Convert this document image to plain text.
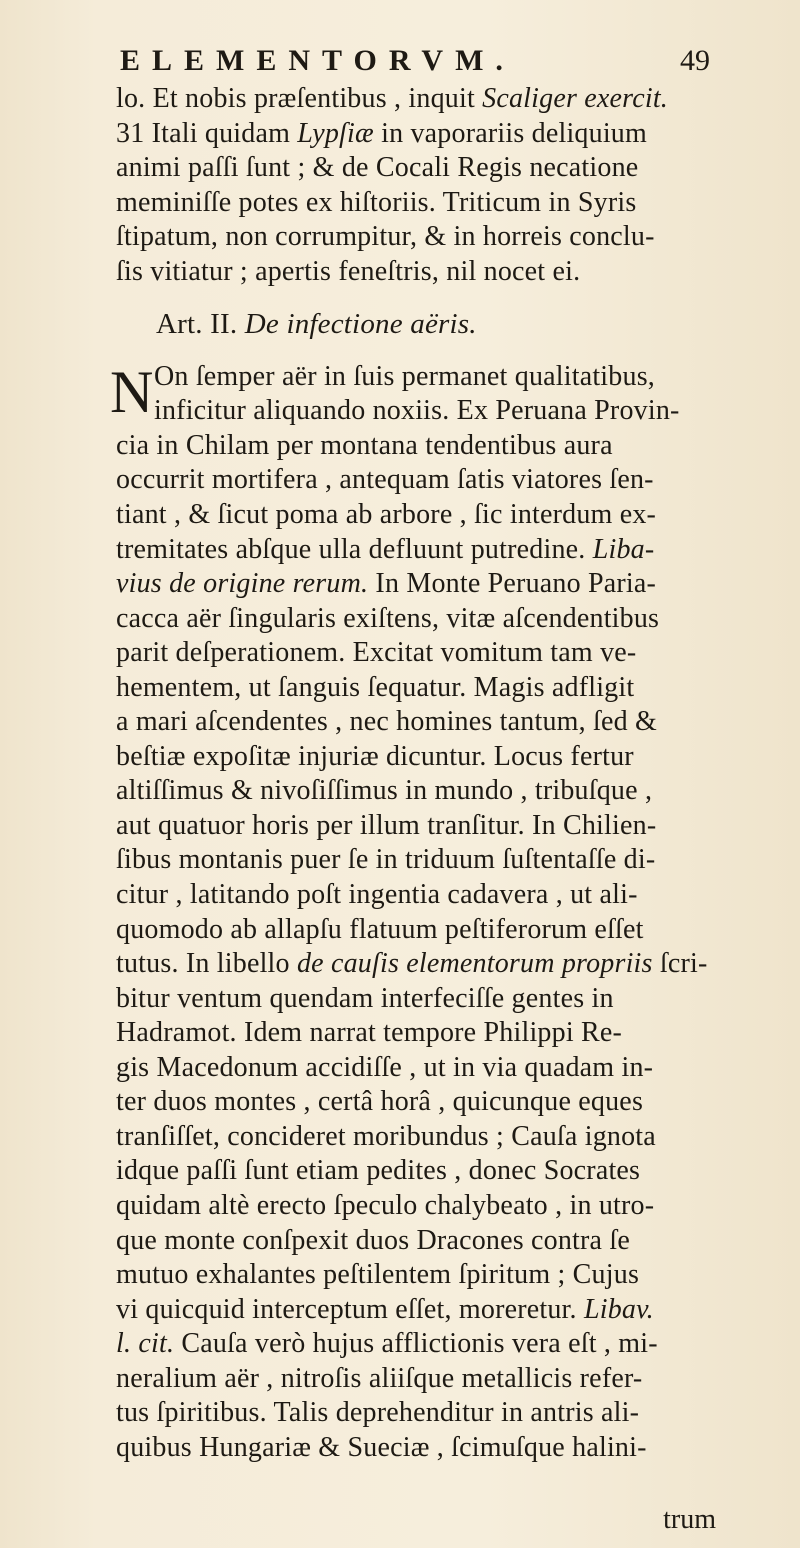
ELEMENTORVM.	49
lo. Et nobis præſentibus , inquit Scaliger exercit.
31 Itali quidam Lypſiæ in vaporariis deliquium
animi paſſi ſunt ; & de Cocali Regis necatione
meminiſſe potes ex hiſtoriis. Triticum in Syris
ſtipatum, non corrumpitur, & in horreis conclu-
ſis vitiatur ; apertis feneſtris, nil nocet ei.
Art. II. De infectione aëris.
N On ſemper aër in ſuis permanet qualitatibus,
inficitur aliquando noxiis. Ex Peruana Provin-
cia in Chilam per montana tendentibus aura
occurrit mortifera , antequam ſatis viatores ſen-
tiant , & ſicut poma ab arbore , ſic interdum ex-
tremitates abſque ulla defluunt putredine. Liba-
vius de origine rerum. In Monte Peruano Paria-
cacca aër ſingularis exiſtens, vitæ aſcendentibus
parit deſperationem. Excitat vomitum tam ve-
hementem, ut ſanguis ſequatur. Magis adfligit
a mari aſcendentes , nec homines tantum, ſed &
beſtiæ expoſitæ injuriæ dicuntur. Locus fertur
altiſſimus & nivoſiſſimus in mundo , tribuſque ,
aut quatuor horis per illum tranſitur. In Chilien-
ſibus montanis puer ſe in triduum ſuſtentaſſe di-
citur , latitando poſt ingentia cadavera , ut ali-
quomodo ab allapſu flatuum peſtiferorum eſſet
tutus. In libello de cauſis elementorum propriis ſcri-
bitur ventum quendam interfeciſſe gentes in
Hadramot. Idem narrat tempore Philippi Re-
gis Macedonum accidiſſe , ut in via quadam in-
ter duos montes , certâ horâ , quicunque eques
tranſiſſet, concideret moribundus ; Cauſa ignota
idque paſſi ſunt etiam pedites , donec Socrates
quidam altè erecto ſpeculo chalybeato , in utro-
que monte conſpexit duos Dracones contra ſe
mutuo exhalantes peſtilentem ſpiritum ; Cujus
vi quicquid interceptum eſſet, moreretur. Libav.
l. cit. Cauſa verò hujus afflictionis vera eſt , mi-
neralium aër , nitroſis aliiſque metallicis refer-
tus ſpiritibus. Talis deprehenditur in antris ali-
quibus Hungariæ & Sueciæ , ſcimuſque halini-
trum
